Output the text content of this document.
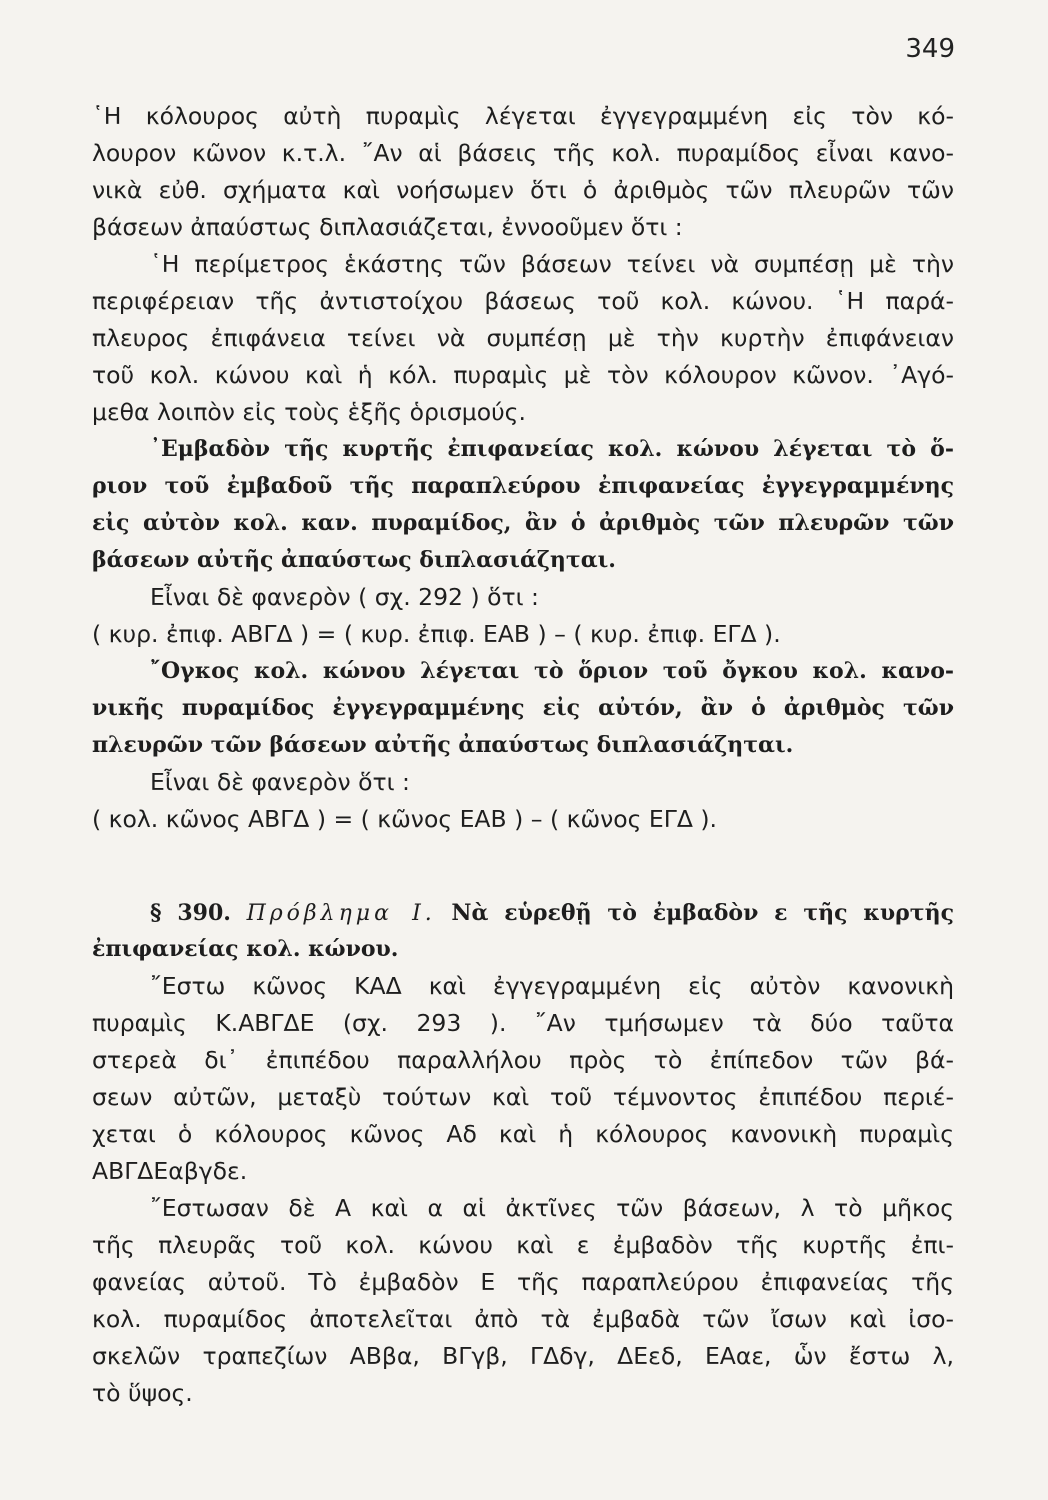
349
῾Η κόλουρος αὐτὴ πυραμὶς λέγεται ἐγγεγραμμένη εἰς τὸν κό-
λουρον κῶνον κ.τ.λ. ῎Αν αἱ βάσεις τῆς κολ. πυραμίδος εἶναι κανο-
νικὰ εὐθ. σχήματα καὶ νοήσωμεν ὅτι ὁ ἀριθμὸς τῶν πλευρῶν τῶν
βάσεων ἀπαύστως διπλασιάζεται, ἐννοοῦμεν ὅτι :
῾Η περίμετρος ἑκάστης τῶν βάσεων τείνει νὰ συμπέσῃ μὲ τὴν
περιφέρειαν τῆς ἀντιστοίχου βάσεως τοῦ κολ. κώνου. ῾Η παρά-
πλευρος ἐπιφάνεια τείνει νὰ συμπέσῃ μὲ τὴν κυρτὴν ἐπιφάνειαν
τοῦ κολ. κώνου καὶ ἡ κόλ. πυραμὶς μὲ τὸν κόλουρον κῶνον. ᾿Αγό-
μεθα λοιπὸν εἰς τοὺς ἑξῆς ὁρισμούς.
᾿Εμβαδὸν τῆς κυρτῆς ἐπιφανείας κολ. κώνου λέγεται τὸ ὅ-
ριον τοῦ ἐμβαδοῦ τῆς παραπλεύρου ἐπιφανείας ἐγγεγραμμένης
εἰς αὐτὸν κολ. καν. πυραμίδος, ἂν ὁ ἀριθμὸς τῶν πλευρῶν τῶν
βάσεων αὐτῆς ἀπαύστως διπλασιάζηται.
Εἶναι δὲ φανερὸν ( σχ. 292 ) ὅτι :
( κυρ. ἐπιφ. ΑΒΓΔ ) = ( κυρ. ἐπιφ. ΕΑΒ ) – ( κυρ. ἐπιφ. ΕΓΔ ).
῎Ογκος κολ. κώνου λέγεται τὸ ὅριον τοῦ ὄγκου κολ. κανο-
νικῆς πυραμίδος ἐγγεγραμμένης εἰς αὐτόν, ἂν ὁ ἀριθμὸς τῶν
πλευρῶν τῶν βάσεων αὐτῆς ἀπαύστως διπλασιάζηται.
Εἶναι δὲ φανερὸν ὅτι :
( κολ. κῶνος ΑΒΓΔ ) = ( κῶνος ΕΑΒ ) – ( κῶνος ΕΓΔ ).
§ 390. Πρόβλημα Ι. Νὰ εὑρεθῇ τὸ ἐμβαδὸν ε τῆς κυρτῆς
ἐπιφανείας κολ. κώνου.
῎Εστω κῶνος ΚΑΔ καὶ ἐγγεγραμμένη εἰς αὐτὸν κανονικὴ
πυραμὶς Κ.ΑΒΓΔΕ (σχ. 293 ). ῎Αν τμήσωμεν τὰ δύο ταῦτα
στερεὰ δι᾿ ἐπιπέδου παραλλήλου πρὸς τὸ ἐπίπεδον τῶν βά-
σεων αὐτῶν, μεταξὺ τούτων καὶ τοῦ τέμνοντος ἐπιπέδου περιέ-
χεται ὁ κόλουρος κῶνος Αδ καὶ ἡ κόλουρος κανονικὴ πυραμὶς
ΑΒΓΔΕαβγδε.
῎Εστωσαν δὲ Α καὶ α αἱ ἀκτῖνες τῶν βάσεων, λ τὸ μῆκος
τῆς πλευρᾶς τοῦ κολ. κώνου καὶ ε ἐμβαδὸν τῆς κυρτῆς ἐπι-
φανείας αὐτοῦ. Τὸ ἐμβαδὸν Ε τῆς παραπλεύρου ἐπιφανείας τῆς
κολ. πυραμίδος ἀποτελεῖται ἀπὸ τὰ ἐμβαδὰ τῶν ἴσων καὶ ἰσο-
σκελῶν τραπεζίων ΑΒβα, ΒΓγβ, ΓΔδγ, ΔΕεδ, ΕΑαε, ὧν ἔστω λ,
τὸ ὕψος.
